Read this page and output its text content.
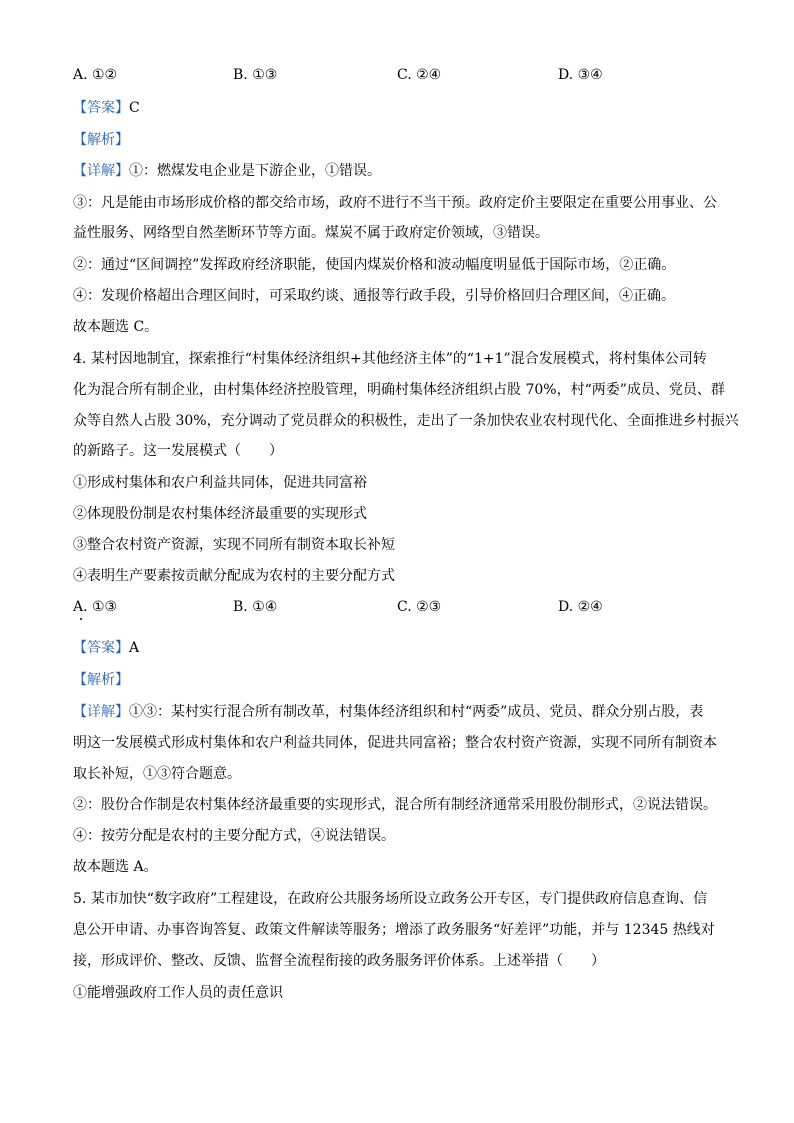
A. ①②	B. ①③	C. ②④	D. ③④
【答案】C
【解析】
【详解】①：燃煤发电企业是下游企业，①错误。
③：凡是能由市场形成价格的都交给市场，政府不进行不当干预。政府定价主要限定在重要公用事业、公
益性服务、网络型自然垄断环节等方面。煤炭不属于政府定价领域，③错误。
②：通过“区间调控”发挥政府经济职能，使国内煤炭价格和波动幅度明显低于国际市场，②正确。
④：发现价格超出合理区间时，可采取约谈、通报等行政手段，引导价格回归合理区间，④正确。
故本题选 C。
4. 某村因地制宜，探索推行“村集体经济组织+其他经济主体”的“1+1”混合发展模式，将村集体公司转
化为混合所有制企业，由村集体经济控股管理，明确村集体经济组织占股 70%，村“两委”成员、党员、群
众等自然人占股 30%，充分调动了党员群众的积极性，走出了一条加快农业农村现代化、全面推进乡村振兴
的新路子。这一发展模式（　　）
①形成村集体和农户利益共同体，促进共同富裕
②体现股份制是农村集体经济最重要的实现形式
③整合农村资产资源，实现不同所有制资本取长补短
④表明生产要素按贡献分配成为农村的主要分配方式
A. ①③	B. ①④	C. ②③	D. ②④
【答案】A
【解析】
【详解】①③：某村实行混合所有制改革，村集体经济组织和村“两委”成员、党员、群众分别占股，表
明这一发展模式形成村集体和农户利益共同体，促进共同富裕；整合农村资产资源，实现不同所有制资本
取长补短，①③符合题意。
②：股份合作制是农村集体经济最重要的实现形式，混合所有制经济通常采用股份制形式，②说法错误。
④：按劳分配是农村的主要分配方式，④说法错误。
故本题选 A。
5. 某市加快“数字政府”工程建设，在政府公共服务场所设立政务公开专区，专门提供政府信息查询、信
息公开申请、办事咨询答复、政策文件解读等服务；增添了政务服务“好差评”功能，并与 12345 热线对
接，形成评价、整改、反馈、监督全流程衔接的政务服务评价体系。上述举措（　　）
①能增强政府工作人员的责任意识
